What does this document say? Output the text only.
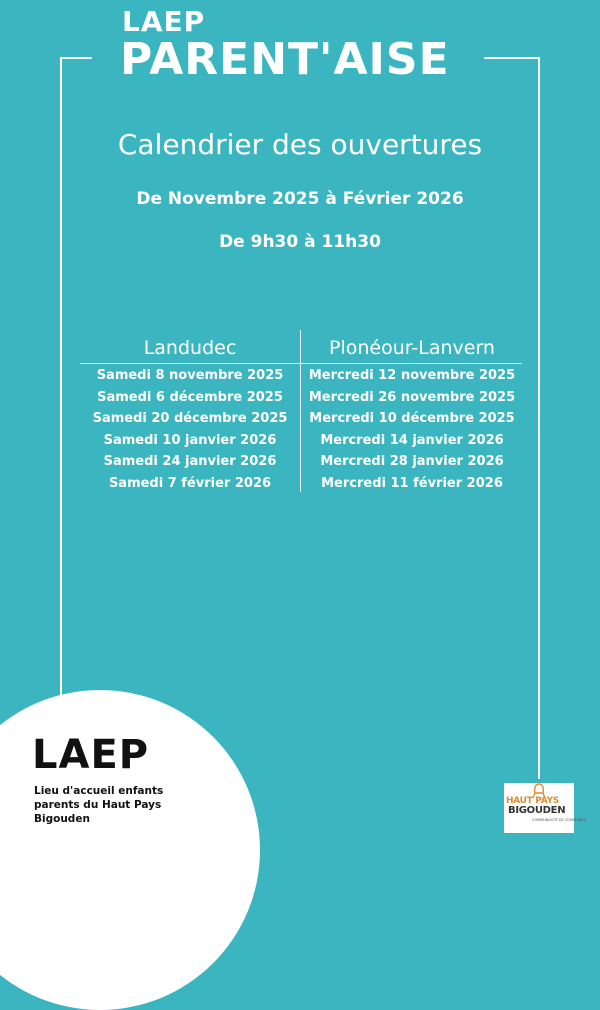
LAEP
PARENT'AISE
Calendrier des ouvertures
De Novembre 2025 à Février 2026
De 9h30 à 11h30
Landudec
Samedi 8 novembre 2025
Samedi 6 décembre 2025
Samedi 20 décembre 2025
Samedi 10 janvier 2026
Samedi 24 janvier 2026
Samedi 7 février 2026
Plonéour-Lanvern
Mercredi 12 novembre 2025
Mercredi 26 novembre 2025
Mercredi 10 décembre 2025
Mercredi 14 janvier 2026
Mercredi 28 janvier 2026
Mercredi 11 février 2026
LAEP
Lieu d'accueil enfants parents du Haut Pays Bigouden
HAUT PAYS
BIGOUDEN
COMMUNAUTÉ DE COMMUNES
